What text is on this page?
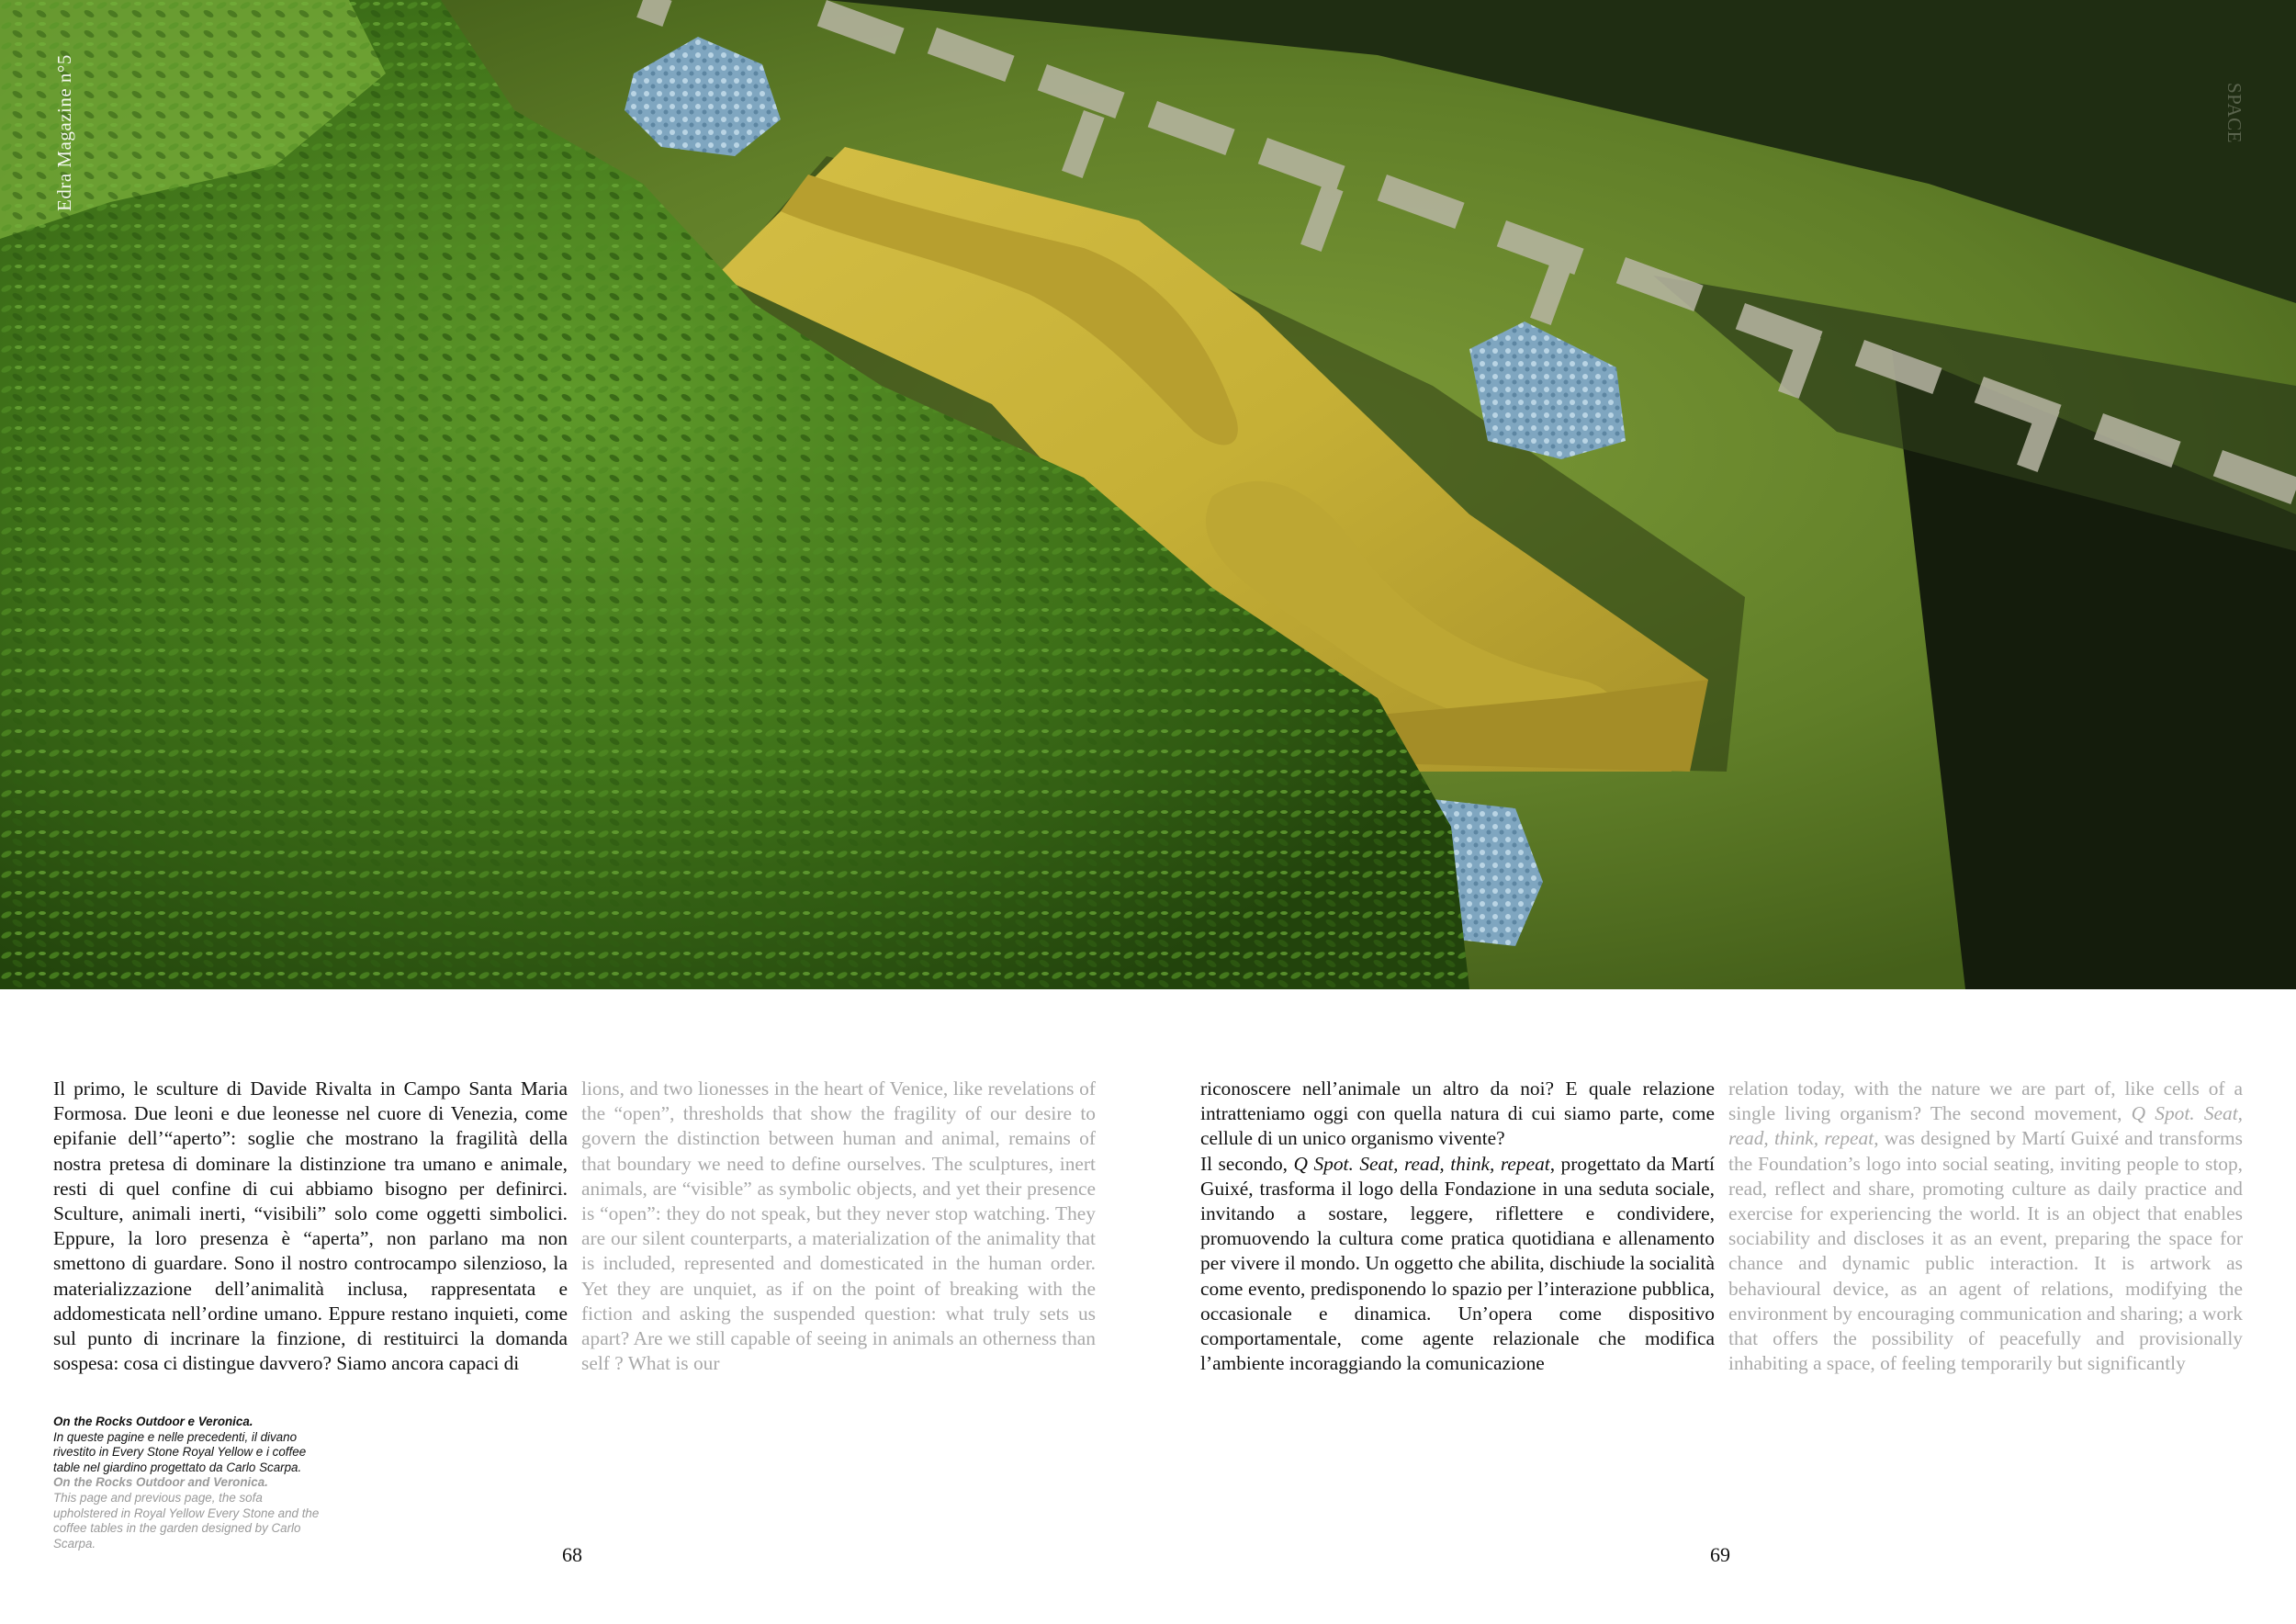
Edra Magazine n°5	SPACE

Il primo, le sculture di Davide Rivalta in Campo Santa Maria Formosa. Due leoni e due leonesse nel cuore di Venezia, come epifanie dell’“aperto”: soglie che mostrano la fragilità della nostra pretesa di dominare la distinzione tra umano e animale, resti di quel confine di cui abbiamo bisogno per definirci. Sculture, animali inerti, “visibili” solo come oggetti simbolici. Eppure, la loro presenza è “aperta”, non parlano ma non smettono di guardare. Sono il nostro controcampo silenzioso, la materializzazione dell’animalità inclusa, rappresentata e addomesticata nell’ordine umano. Eppure restano inquieti, come sul punto di incrinare la finzione, di restituirci la domanda sospesa: cosa ci distingue davvero? Siamo ancora capaci di

lions, and two lionesses in the heart of Venice, like revelations of the “open”, thresholds that show the fragility of our desire to govern the distinction between human and animal, remains of that boundary we need to define ourselves. The sculptures, inert animals, are “visible” as symbolic objects, and yet their presence is “open”: they do not speak, but they never stop watching. They are our silent counterparts, a materialization of the animality that is included, represented and domesticated in the human order. Yet they are unquiet, as if on the point of breaking with the fiction and asking the suspended question: what truly sets us apart? Are we still capable of seeing in animals an otherness than self ? What is our

riconoscere nell’animale un altro da noi? E quale relazione intratteniamo oggi con quella natura di cui siamo parte, come cellule di un unico organismo vivente?

Il secondo, Q Spot. Seat, read, think, repeat, progettato da Martí Guixé, trasforma il logo della Fondazione in una seduta sociale, invitando a sostare, leggere, riflettere e condividere, promuovendo la cultura come pratica quotidiana e allenamento per vivere il mondo. Un oggetto che abilita, dischiude la socialità come evento, predisponendo lo spazio per l’interazione pubblica, occasionale e dinamica. Un’opera come dispositivo comportamentale, come agente relazionale che modifica l’ambiente incoraggiando la comunicazione

relation today, with the nature we are part of, like cells of a single living organism? The second movement, Q Spot. Seat, read, think, repeat, was designed by Martí Guixé and transforms the Foundation’s logo into social seating, inviting people to stop, read, reflect and share, promoting culture as daily practice and exercise for experiencing the world. It is an object that enables sociability and discloses it as an event, preparing the space for chance and dynamic public interaction. It is artwork as behavioural device, as an agent of relations, modifying the environment by encouraging communication and sharing; a work that offers the possibility of peacefully and provisionally inhabiting a space, of feeling temporarily but significantly

On the Rocks Outdoor e Veronica.
In queste pagine e nelle precedenti, il divano rivestito in Every Stone Royal Yellow e i coffee table nel giardino progettato da Carlo Scarpa.
On the Rocks Outdoor and Veronica.
This page and previous page, the sofa upholstered in Royal Yellow Every Stone and the coffee tables in the garden designed by Carlo Scarpa.	68	69
